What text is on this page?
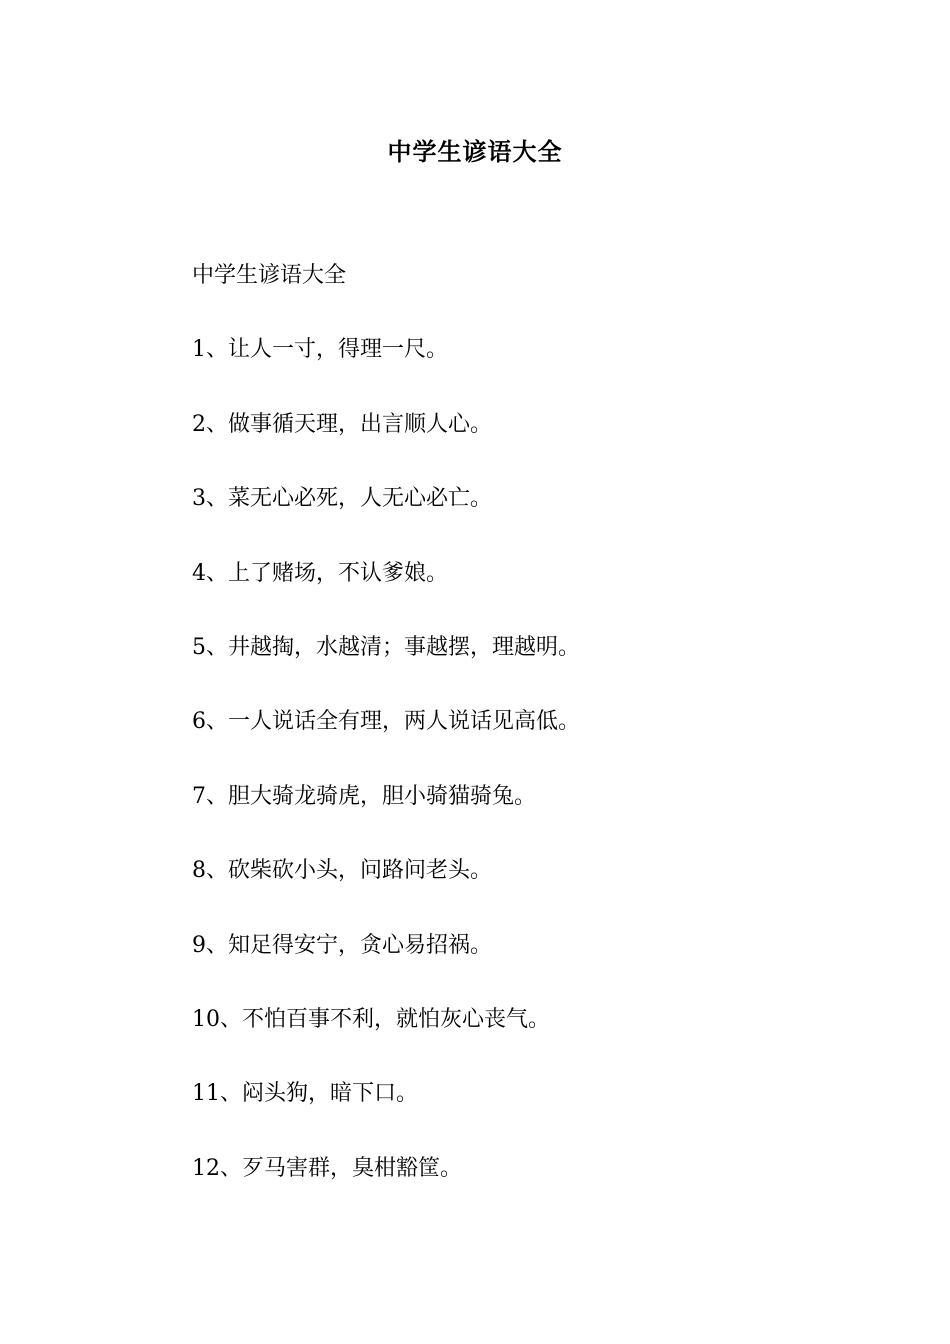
中学生谚语大全
中学生谚语大全
1、让人一寸，得理一尺。
2、做事循天理，出言顺人心。
3、菜无心必死，人无心必亡。
4、上了赌场，不认爹娘。
5、井越掏，水越清；事越摆，理越明。
6、一人说话全有理，两人说话见高低。
7、胆大骑龙骑虎，胆小骑猫骑兔。
8、砍柴砍小头，问路问老头。
9、知足得安宁，贪心易招祸。
10、不怕百事不利，就怕灰心丧气。
11、闷头狗，暗下口。
12、歹马害群，臭柑豁筐。
